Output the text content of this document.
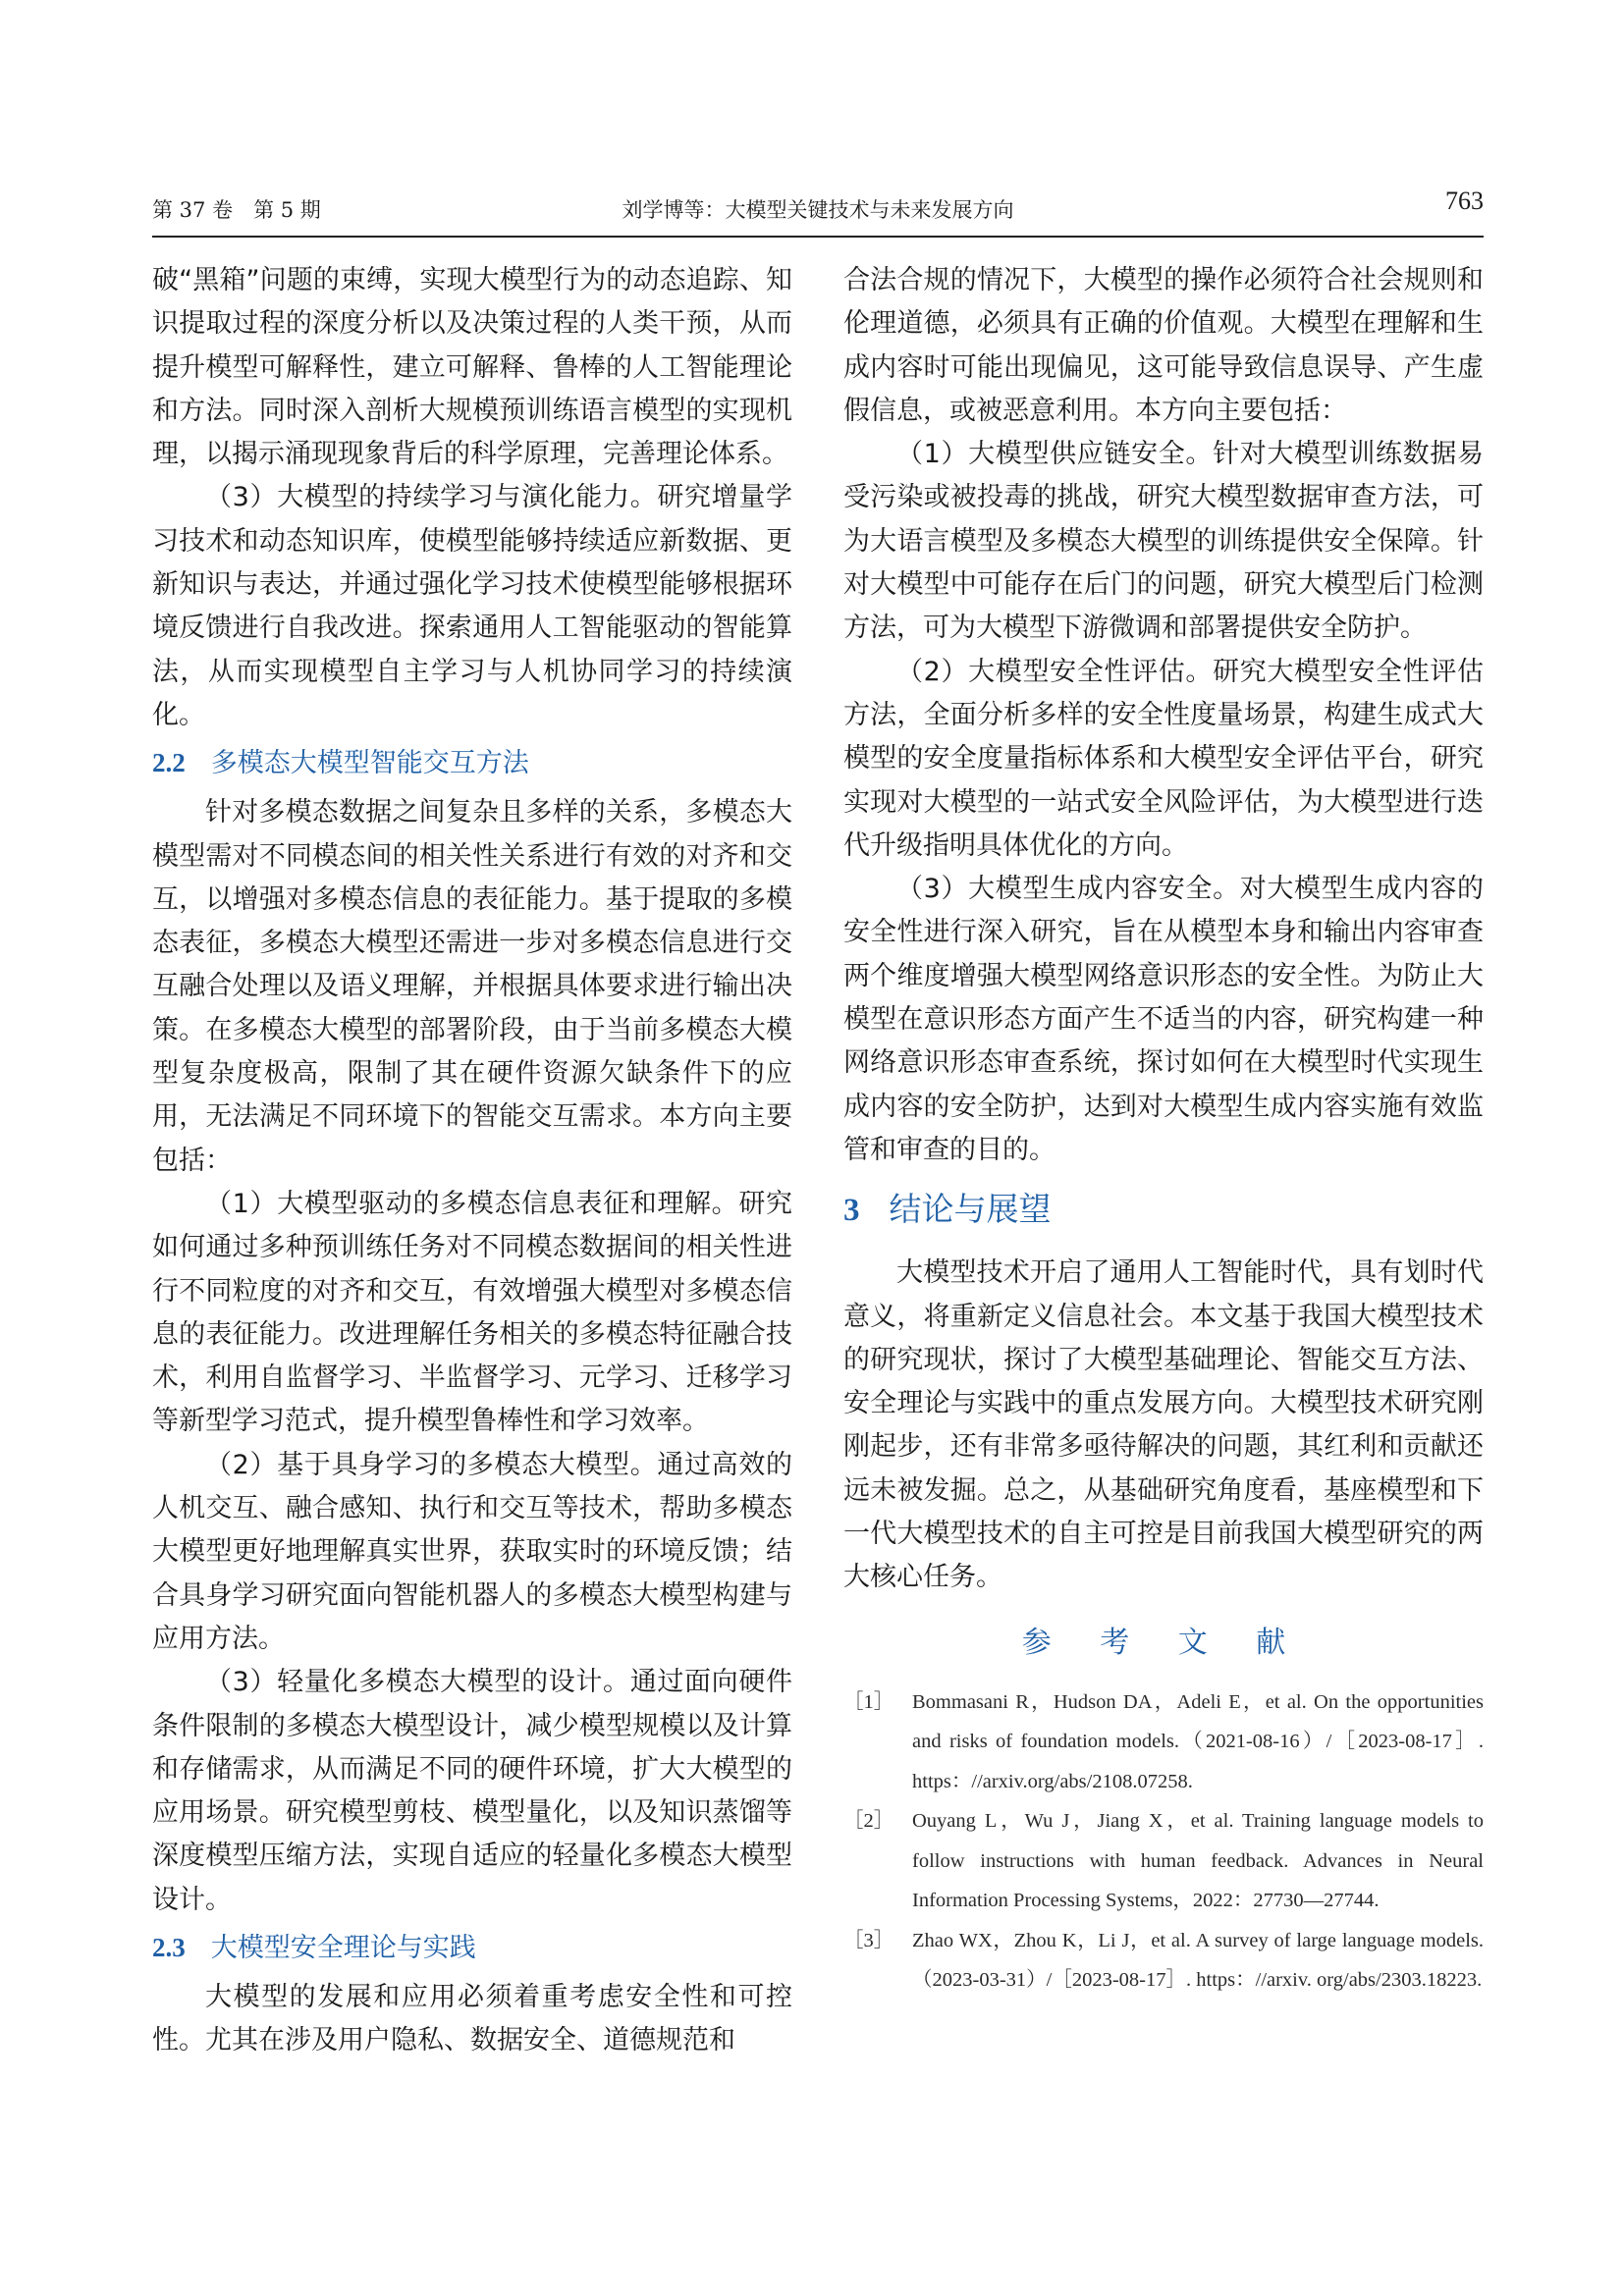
第 37 卷　第 5 期	刘学博等：大模型关键技术与未来发展方向	763

破“黑箱”问题的束缚，实现大模型行为的动态追踪、知识提取过程的深度分析以及决策过程的人类干预，从而提升模型可解释性，建立可解释、鲁棒的人工智能理论和方法。同时深入剖析大规模预训练语言模型的实现机理，以揭示涌现现象背后的科学原理，完善理论体系。

（3）大模型的持续学习与演化能力。研究增量学习技术和动态知识库，使模型能够持续适应新数据、更新知识与表达，并通过强化学习技术使模型能够根据环境反馈进行自我改进。探索通用人工智能驱动的智能算法，从而实现模型自主学习与人机协同学习的持续演化。

2.2 多模态大模型智能交互方法

针对多模态数据之间复杂且多样的关系，多模态大模型需对不同模态间的相关性关系进行有效的对齐和交互，以增强对多模态信息的表征能力。基于提取的多模态表征，多模态大模型还需进一步对多模态信息进行交互融合处理以及语义理解，并根据具体要求进行输出决策。在多模态大模型的部署阶段，由于当前多模态大模型复杂度极高，限制了其在硬件资源欠缺条件下的应用，无法满足不同环境下的智能交互需求。本方向主要包括：

（1）大模型驱动的多模态信息表征和理解。研究如何通过多种预训练任务对不同模态数据间的相关性进行不同粒度的对齐和交互，有效增强大模型对多模态信息的表征能力。改进理解任务相关的多模态特征融合技术，利用自监督学习、半监督学习、元学习、迁移学习等新型学习范式，提升模型鲁棒性和学习效率。

（2）基于具身学习的多模态大模型。通过高效的人机交互、融合感知、执行和交互等技术，帮助多模态大模型更好地理解真实世界，获取实时的环境反馈；结合具身学习研究面向智能机器人的多模态大模型构建与应用方法。

（3）轻量化多模态大模型的设计。通过面向硬件条件限制的多模态大模型设计，减少模型规模以及计算和存储需求，从而满足不同的硬件环境，扩大大模型的应用场景。研究模型剪枝、模型量化，以及知识蒸馏等深度模型压缩方法，实现自适应的轻量化多模态大模型设计。

2.3 大模型安全理论与实践

大模型的发展和应用必须着重考虑安全性和可控性。尤其在涉及用户隐私、数据安全、道德规范和

合法合规的情况下，大模型的操作必须符合社会规则和伦理道德，必须具有正确的价值观。大模型在理解和生成内容时可能出现偏见，这可能导致信息误导、产生虚假信息，或被恶意利用。本方向主要包括：

（1）大模型供应链安全。针对大模型训练数据易受污染或被投毒的挑战，研究大模型数据审查方法，可为大语言模型及多模态大模型的训练提供安全保障。针对大模型中可能存在后门的问题，研究大模型后门检测方法，可为大模型下游微调和部署提供安全防护。

（2）大模型安全性评估。研究大模型安全性评估方法，全面分析多样的安全性度量场景，构建生成式大模型的安全度量指标体系和大模型安全评估平台，研究实现对大模型的一站式安全风险评估，为大模型进行迭代升级指明具体优化的方向。

（3）大模型生成内容安全。对大模型生成内容的安全性进行深入研究，旨在从模型本身和输出内容审查两个维度增强大模型网络意识形态的安全性。为防止大模型在意识形态方面产生不适当的内容，研究构建一种网络意识形态审查系统，探讨如何在大模型时代实现生成内容的安全防护，达到对大模型生成内容实施有效监管和审查的目的。

3 结论与展望

大模型技术开启了通用人工智能时代，具有划时代意义，将重新定义信息社会。本文基于我国大模型技术的研究现状，探讨了大模型基础理论、智能交互方法、安全理论与实践中的重点发展方向。大模型技术研究刚刚起步，还有非常多亟待解决的问题，其红利和贡献还远未被发掘。总之，从基础研究角度看，基座模型和下一代大模型技术的自主可控是目前我国大模型研究的两大核心任务。

参 考 文 献
［1］ Bommasani R，Hudson DA，Adeli E，et al. On the opportunities and risks of foundation models.（2021-08-16）/［2023-08-17］. https：//arxiv.org/abs/2108.07258.
［2］ Ouyang L，Wu J，Jiang X，et al. Training language models to follow instructions with human feedback. Advances in Neural Information Processing Systems，2022：27730—27744.
［3］ Zhao WX，Zhou K，Li J，et al. A survey of large language models. （2023-03-31）/［2023-08-17］. https：//arxiv. org/abs/2303.18223.
